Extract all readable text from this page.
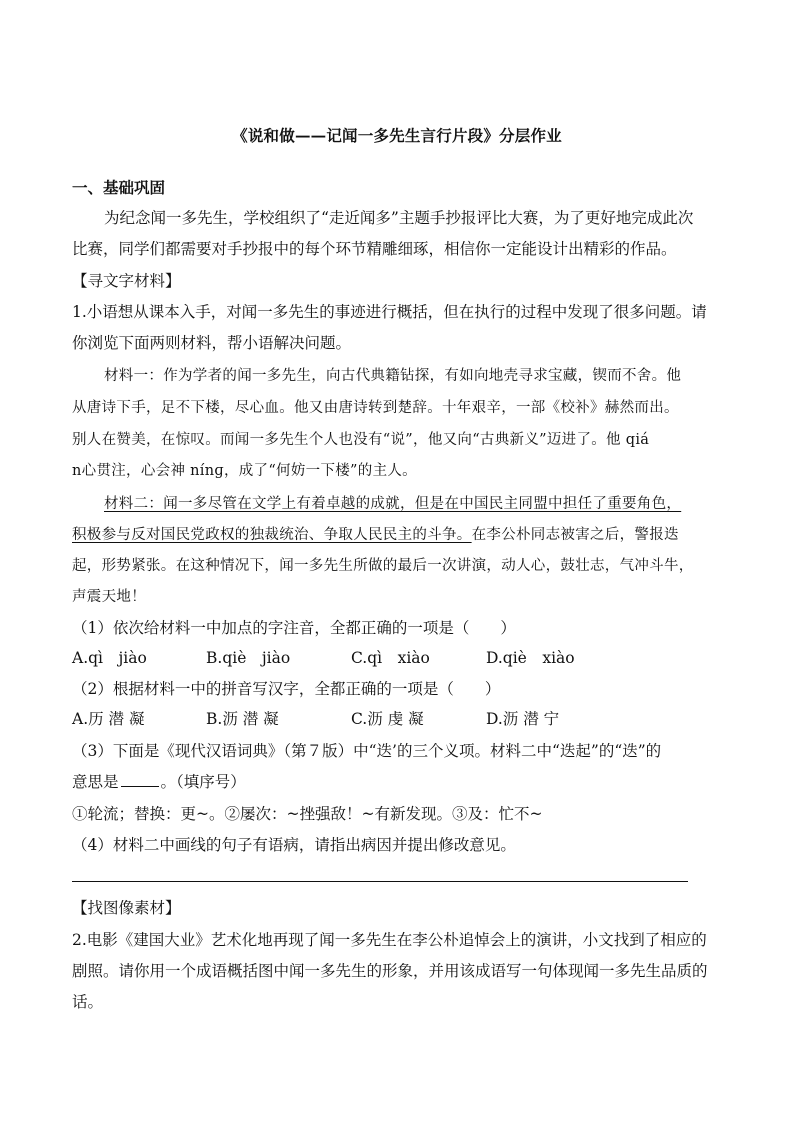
《说和做——记闻一多先生言行片段》分层作业
一、基础巩固
为纪念闻一多先生，学校组织了“走近闻多”主题手抄报评比大赛，为了更好地完成此次
比赛，同学们都需要对手抄报中的每个环节精雕细琢，相信你一定能设计出精彩的作品。
【寻文字材料】
1.小语想从课本入手，对闻一多先生的事迹进行概括，但在执行的过程中发现了很多问题。请
你浏览下面两则材料，帮小语解决问题。
材料一：作为学者的闻一多先生，向古代典籍钻探，有如向地壳寻求宝藏，锲而不舍。他
从唐诗下手，足不下楼，尽心血。他又由唐诗转到楚辞。十年艰辛，一部《校补》赫然而出。
别人在赞美，在惊叹。而闻一多先生个人也没有“说”，他又向“古典新义”迈进了。他 qiá
n心贯注，心会神 nínɡ，成了“何妨一下楼”的主人。
材料二：闻一多尽管在文学上有着卓越的成就，但是在中国民主同盟中担任了重要角色，
积极参与反对国民党政权的独裁统治、争取人民民主的斗争。在李公朴同志被害之后，警报迭
起，形势紧张。在这种情况下，闻一多先生所做的最后一次讲演，动人心，鼓壮志，气冲斗牛，
声震天地！
（1）依次给材料一中加点的字注音，全都正确的一项是（　　）
A.qì　jiào	B.qiè　jiào	C.qì　xiào	D.qiè　xiào
（2）根据材料一中的拼音写汉字，全都正确的一项是（　　）
A.历 潜 凝	B.沥 潜 凝	C.沥 虔 凝	D.沥 潜 宁
（3）下面是《现代汉语词典》（第７版）中“迭’的三个义项。材料二中“迭起”的“迭”的
意思是	。（填序号）
①轮流；替换：更~。②屡次：~挫强敌！~有新发现。③及：忙不~
（4）材料二中画线的句子有语病，请指出病因并提出修改意见。
【找图像素材】
2.电影《建国大业》艺术化地再现了闻一多先生在李公朴追悼会上的演讲，小文找到了相应的
剧照。请你用一个成语概括图中闻一多先生的形象，并用该成语写一句体现闻一多先生品质的
话。
